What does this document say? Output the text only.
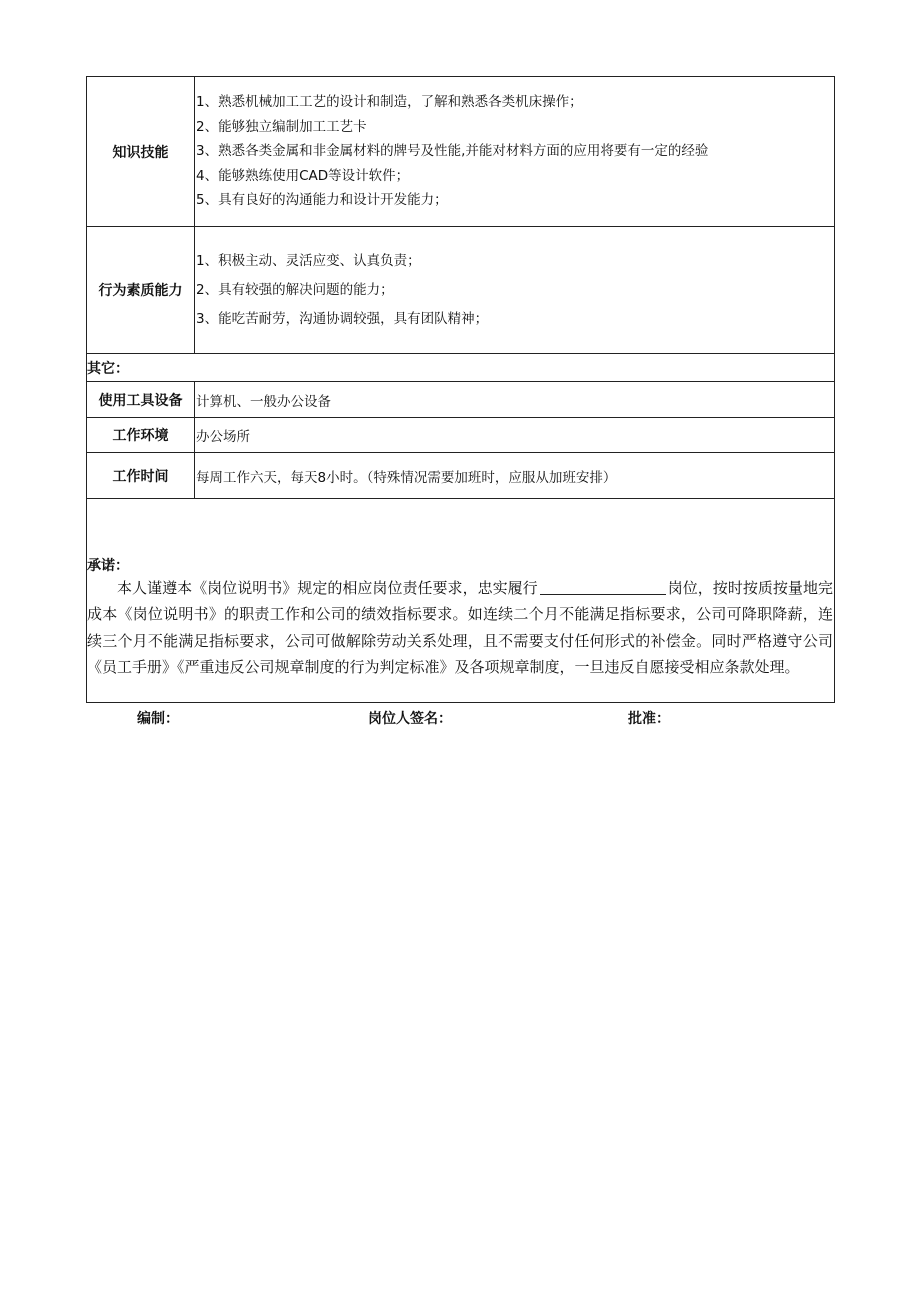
知识技能	1、熟悉机械加工工艺的设计和制造，了解和熟悉各类机床操作；
2、能够独立编制加工工艺卡
3、熟悉各类金属和非金属材料的牌号及性能,并能对材料方面的应用将要有一定的经验
4、能够熟练使用CAD等设计软件；
5、具有良好的沟通能力和设计开发能力；

行为素质能力	1、积极主动、灵活应变、认真负责；
2、具有较强的解决问题的能力；
3、能吃苦耐劳，沟通协调较强，具有团队精神；

其它：	
使用工具设备	计算机、一般办公设备
工作环境	办公场所
工作时间	每周工作六天，每天8小时。（特殊情况需要加班时，应服从加班安排）

承诺：

本人谨遵本《岗位说明书》规定的相应岗位责任要求，忠实履行 岗位，按时按质按量地完成本《岗位说明书》的职责工作和公司的绩效指标要求。如连续二个月不能满足指标要求，公司可降职降薪，连续三个月不能满足指标要求，公司可做解除劳动关系处理，且不需要支付任何形式的补偿金。同时严格遵守公司《员工手册》《严重违反公司规章制度的行为判定标准》及各项规章制度，一旦违反自愿接受相应条款处理。	

编制：	岗位人签名：	批准：
